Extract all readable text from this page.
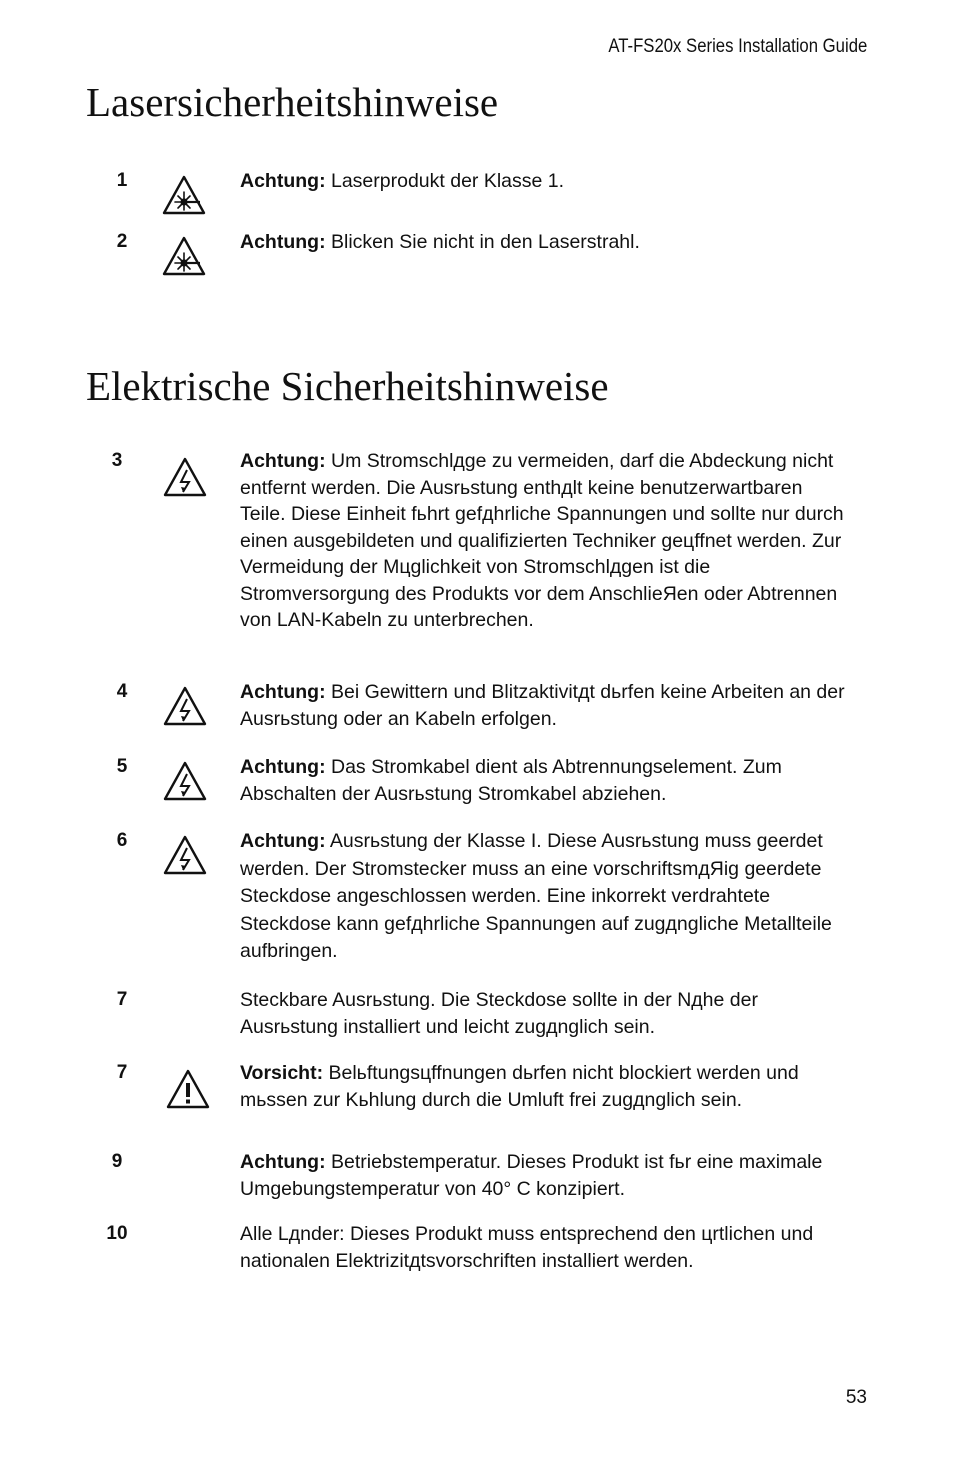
AT-FS20x Series Installation Guide
Lasersicherheitshinweise
1	Achtung: Laserprodukt der Klasse 1.
2	Achtung: Blicken Sie nicht in den Laserstrahl.
Elektrische Sicherheitshinweise
3	Achtung: Um Stromschlдge zu vermeiden, darf die Abdeckung nicht entfernt werden. Die Ausrьstung enthдlt keine benutzerwartbaren Teile. Diese Einheit fьhrt gefдhrliche Spannungen und sollte nur durch einen ausgebildeten und qualifizierten Techniker geцffnet werden. Zur Vermeidung der Mцglichkeit von Stromschlдgen ist die Stromversorgung des Produkts vor dem AnschlieЯen oder Abtrennen von LAN-Kabeln zu unterbrechen.
4	Achtung: Bei Gewittern und Blitzaktivitдt dьrfen keine Arbeiten an der Ausrьstung oder an Kabeln erfolgen.
5	Achtung: Das Stromkabel dient als Abtrennungselement. Zum Abschalten der Ausrьstung Stromkabel abziehen.
6	Achtung: Ausrьstung der Klasse I. Diese Ausrьstung muss geerdet werden. Der Stromstecker muss an eine vorschriftsmдЯig geerdete Steckdose angeschlossen werden. Eine inkorrekt verdrahtete Steckdose kann gefдhrliche Spannungen auf zugдngliche Metallteile aufbringen.
7	Steckbare Ausrьstung. Die Steckdose sollte in der Nдhe der Ausrьstung installiert und leicht zugдnglich sein.
7	Vorsicht: Belьftungsцffnungen dьrfen nicht blockiert werden und mьssen zur Kьhlung durch die Umluft frei zugдnglich sein.
9	Achtung: Betriebstemperatur. Dieses Produkt ist fьr eine maximale Umgebungstemperatur von 40° C konzipiert.
10	Alle Lдnder: Dieses Produkt muss entsprechend den цrtlichen und nationalen Elektrizitдtsvorschriften installiert werden.
53
